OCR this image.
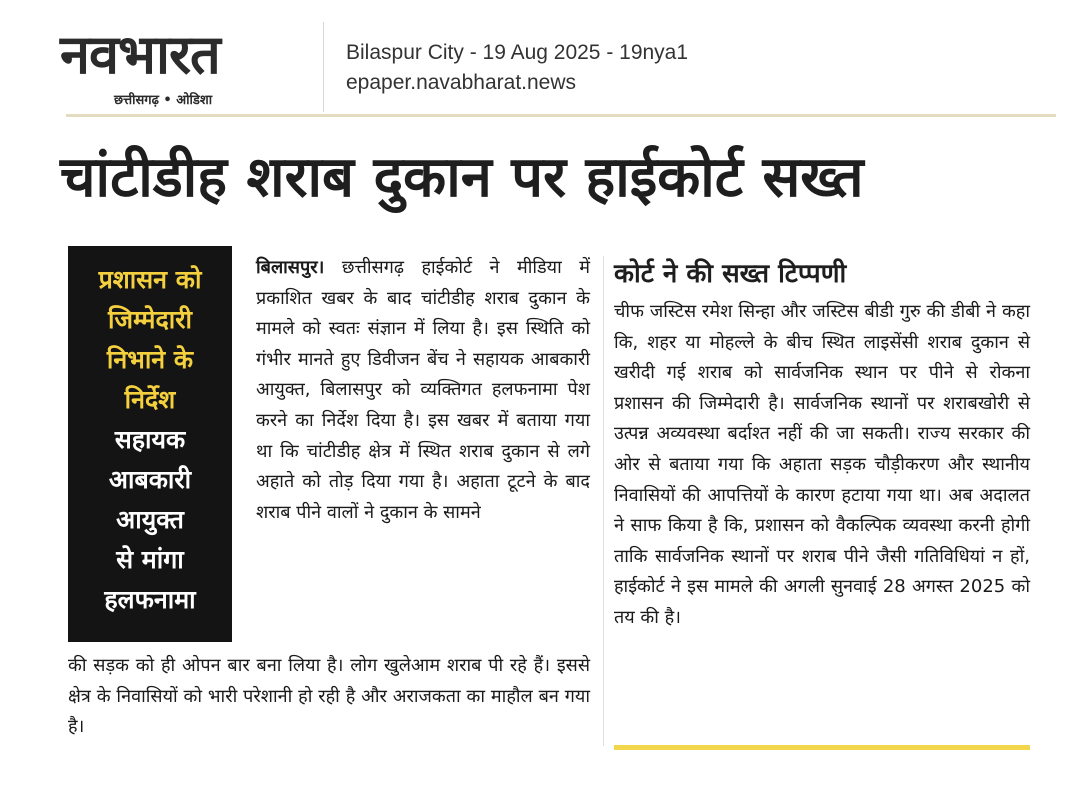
नवभारत
छत्तीसगढ़ • ओडिशा
Bilaspur City - 19 Aug 2025 - 19nya1
epaper.navabharat.news
चांटीडीह शराब दुकान पर हाईकोर्ट सख्त
प्रशासन को
जिम्मेदारी
निभाने के
निर्देश
सहायक
आबकारी
आयुक्त
से मांगा
हलफनामा
बिलासपुर। छत्तीसगढ़ हाईकोर्ट ने मीडिया में प्रकाशित खबर के बाद चांटीडीह शराब दुकान के मामले को स्वतः संज्ञान में लिया है। इस स्थिति को गंभीर मानते हुए डिवीजन बेंच ने सहायक आबकारी आयुक्त, बिलासपुर को व्यक्तिगत हलफनामा पेश करने का निर्देश दिया है। इस खबर में बताया गया था कि चांटीडीह क्षेत्र में स्थित शराब दुकान से लगे अहाते को तोड़ दिया गया है। अहाता टूटने के बाद शराब पीने वालों ने दुकान के सामने
की सड़क को ही ओपन बार बना लिया है। लोग खुलेआम शराब पी रहे हैं। इससे क्षेत्र के निवासियों को भारी परेशानी हो रही है और अराजकता का माहौल बन गया है।
कोर्ट ने की सख्त टिप्पणी
चीफ जस्टिस रमेश सिन्हा और जस्टिस बीडी गुरु की डीबी ने कहा कि, शहर या मोहल्ले के बीच स्थित लाइसेंसी शराब दुकान से खरीदी गई शराब को सार्वजनिक स्थान पर पीने से रोकना प्रशासन की जिम्मेदारी है। सार्वजनिक स्थानों पर शराबखोरी से उत्पन्न अव्यवस्था बर्दाश्त नहीं की जा सकती। राज्य सरकार की ओर से बताया गया कि अहाता सड़क चौड़ीकरण और स्थानीय निवासियों की आपत्तियों के कारण हटाया गया था। अब अदालत ने साफ किया है कि, प्रशासन को वैकल्पिक व्यवस्था करनी होगी ताकि सार्वजनिक स्थानों पर शराब पीने जैसी गतिविधियां न हों, हाईकोर्ट ने इस मामले की अगली सुनवाई 28 अगस्त 2025 को तय की है।
